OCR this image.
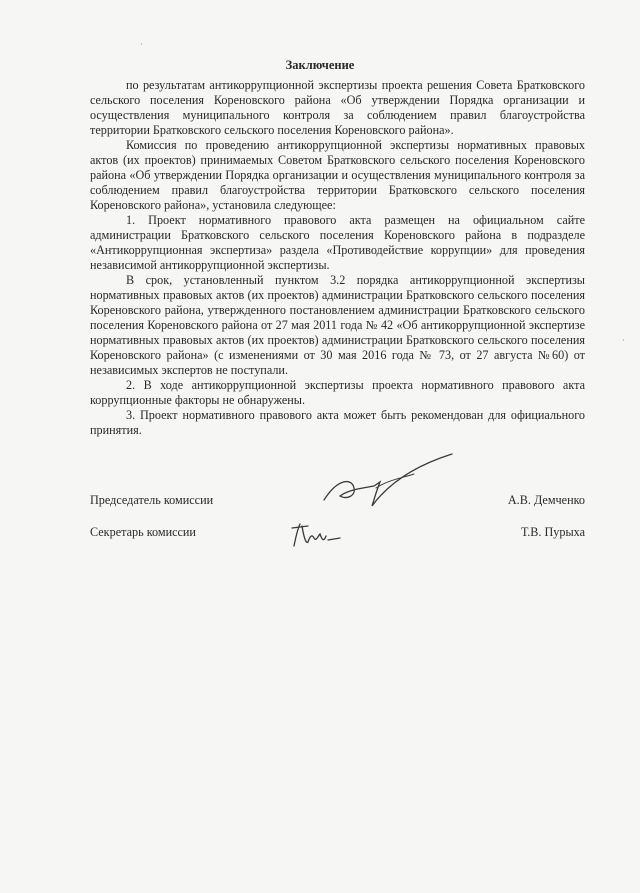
Заключение

по результатам антикоррупционной экспертизы проекта решения Совета Братковского сельского поселения Кореновского района «Об утверждении Порядка организации и осуществления муниципального контроля за соблюдением правил благоустройства территории Братковского сельского поселения Кореновского района».

Комиссия по проведению антикоррупционной экспертизы нормативных правовых актов (их проектов) принимаемых Советом Братковского сельского поселения Кореновского района «Об утверждении Порядка организации и осуществления муниципального контроля за соблюдением правил благоустройства территории Братковского сельского поселения Кореновского района», установила следующее:

1. Проект нормативного правового акта размещен на официальном сайте администрации Братковского сельского поселения Кореновского района в подразделе «Антикоррупционная экспертиза» раздела «Противодействие коррупции» для проведения независимой антикоррупционной экспертизы.

В срок, установленный пунктом 3.2 порядка антикоррупционной экспертизы нормативных правовых актов (их проектов) администрации Братковского сельского поселения Кореновского района, утвержденного постановлением администрации Братковского сельского поселения Кореновского района от 27 мая 2011 года № 42 «Об антикоррупционной экспертизе нормативных правовых актов (их проектов) администрации Братковского сельского поселения Кореновского района» (с изменениями от 30 мая 2016 года № 73, от 27 августа №60) от независимых экспертов не поступали.

2. В ходе антикоррупционной экспертизы проекта нормативного правового акта коррупционные факторы не обнаружены.

3. Проект нормативного правового акта может быть рекомендован для официального принятия.

Председатель комиссии	А.В. Демченко
Секретарь комиссии	Т.В. Пурыха
·
·
